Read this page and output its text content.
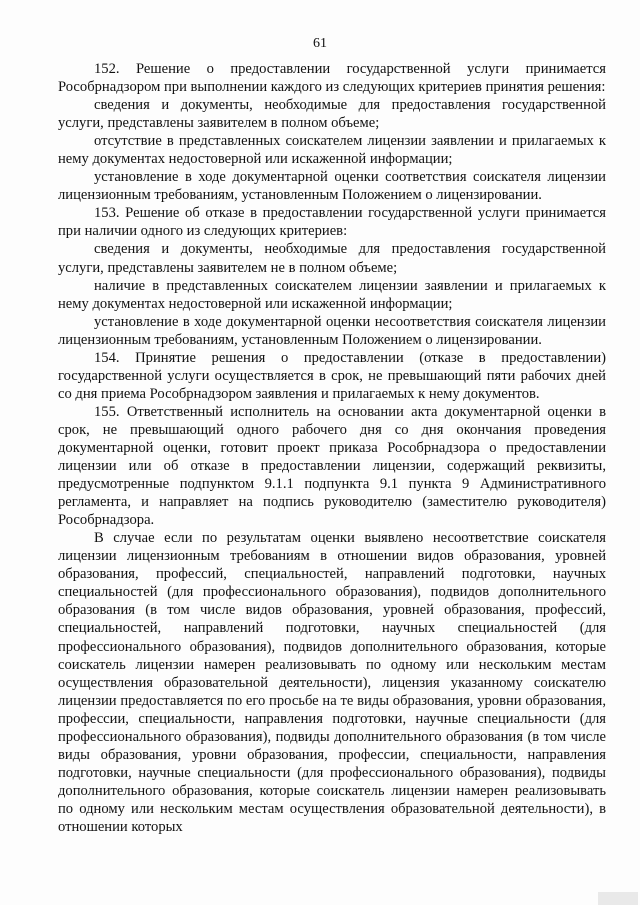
61

152. Решение о предоставлении государственной услуги принимается Рособрнадзором при выполнении каждого из следующих критериев принятия решения:

сведения и документы, необходимые для предоставления государственной услуги, представлены заявителем в полном объеме;

отсутствие в представленных соискателем лицензии заявлении и прилагаемых к нему документах недостоверной или искаженной информации;

установление в ходе документарной оценки соответствия соискателя лицензии лицензионным требованиям, установленным Положением о лицензировании.

153. Решение об отказе в предоставлении государственной услуги принимается при наличии одного из следующих критериев:

сведения и документы, необходимые для предоставления государственной услуги, представлены заявителем не в полном объеме;

наличие в представленных соискателем лицензии заявлении и прилагаемых к нему документах недостоверной или искаженной информации;

установление в ходе документарной оценки несоответствия соискателя лицензии лицензионным требованиям, установленным Положением о лицензировании.

154. Принятие решения о предоставлении (отказе в предоставлении) государственной услуги осуществляется в срок, не превышающий пяти рабочих дней со дня приема Рособрнадзором заявления и прилагаемых к нему документов.

155. Ответственный исполнитель на основании акта документарной оценки в срок, не превышающий одного рабочего дня со дня окончания проведения документарной оценки, готовит проект приказа Рособрнадзора о предоставлении лицензии или об отказе в предоставлении лицензии, содержащий реквизиты, предусмотренные подпунктом 9.1.1 подпункта 9.1 пункта 9 Административного регламента, и направляет на подпись руководителю (заместителю руководителя) Рособрнадзора.

В случае если по результатам оценки выявлено несоответствие соискателя лицензии лицензионным требованиям в отношении видов образования, уровней образования, профессий, специальностей, направлений подготовки, научных специальностей (для профессионального образования), подвидов дополнительного образования (в том числе видов образования, уровней образования, профессий, специальностей, направлений подготовки, научных специальностей (для профессионального образования), подвидов дополнительного образования, которые соискатель лицензии намерен реализовывать по одному или нескольким местам осуществления образовательной деятельности), лицензия указанному соискателю лицензии предоставляется по его просьбе на те виды образования, уровни образования, профессии, специальности, направления подготовки, научные специальности (для профессионального образования), подвиды дополнительного образования (в том числе виды образования, уровни образования, профессии, специальности, направления подготовки, научные специальности (для профессионального образования), подвиды дополнительного образования, которые соискатель лицензии намерен реализовывать по одному или нескольким местам осуществления образовательной деятельности), в отношении которых
